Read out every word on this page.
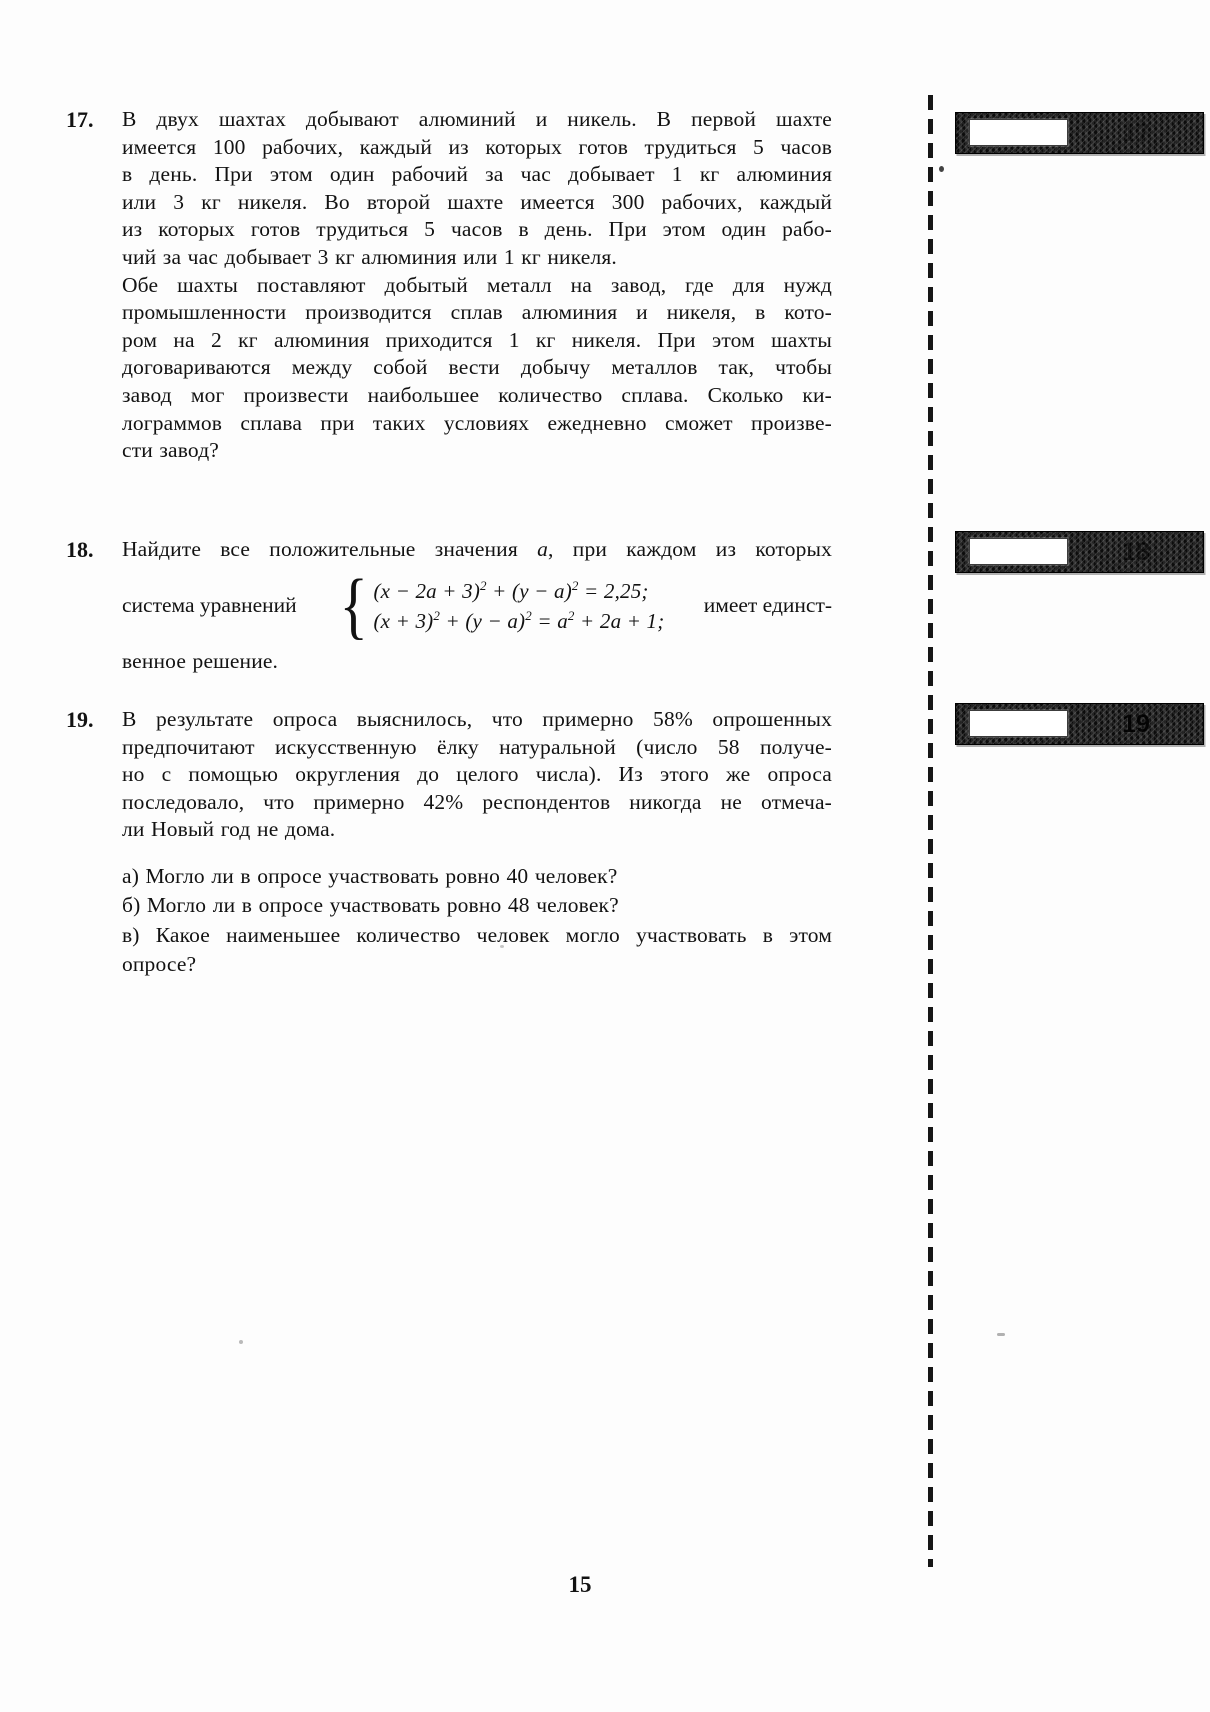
17.	В двух шахтах добывают алюминий и никель. В первой шахте
имеется 100 рабочих, каждый из которых готов трудиться 5 часов
в день. При этом один рабочий за час добывает 1 кг алюминия
или 3 кг никеля. Во второй шахте имеется 300 рабочих, каждый
из которых готов трудиться 5 часов в день. При этом один рабо-
чий за час добывает 3 кг алюминия или 1 кг никеля.
Обе шахты поставляют добытый металл на завод, где для нужд
промышленности производится сплав алюминия и никеля, в кото-
ром на 2 кг алюминия приходится 1 кг никеля. При этом шахты
договариваются между собой вести добычу металлов так, чтобы
завод мог произвести наибольшее количество сплава. Сколько ки-
лограммов сплава при таких условиях ежедневно сможет произве-
сти завод?
18.	Найдите все положительные значения a, при каждом из которых
система уравнений { $(x - 2a + 3)^2 + (y - a)^2 = 2,25$;
$(x + 3)^2 + (y - a)^2 = a^2 + 2a + 1$;
имеет единст-
венное решение.
19.	В результате опроса выяснилось, что примерно 58% опрошенных
предпочитают искусственную ёлку натуральной (число 58 получе-
но с помощью округления до целого числа). Из этого же опроса
последовало, что примерно 42% респондентов никогда не отмеча-
ли Новый год не дома.
а) Могло ли в опросе участвовать ровно 40 человек?
б) Могло ли в опросе участвовать ровно 48 человек?
в) Какое наименьшее количество человек могло участвовать в этом
опросе?
17
18
19
15
